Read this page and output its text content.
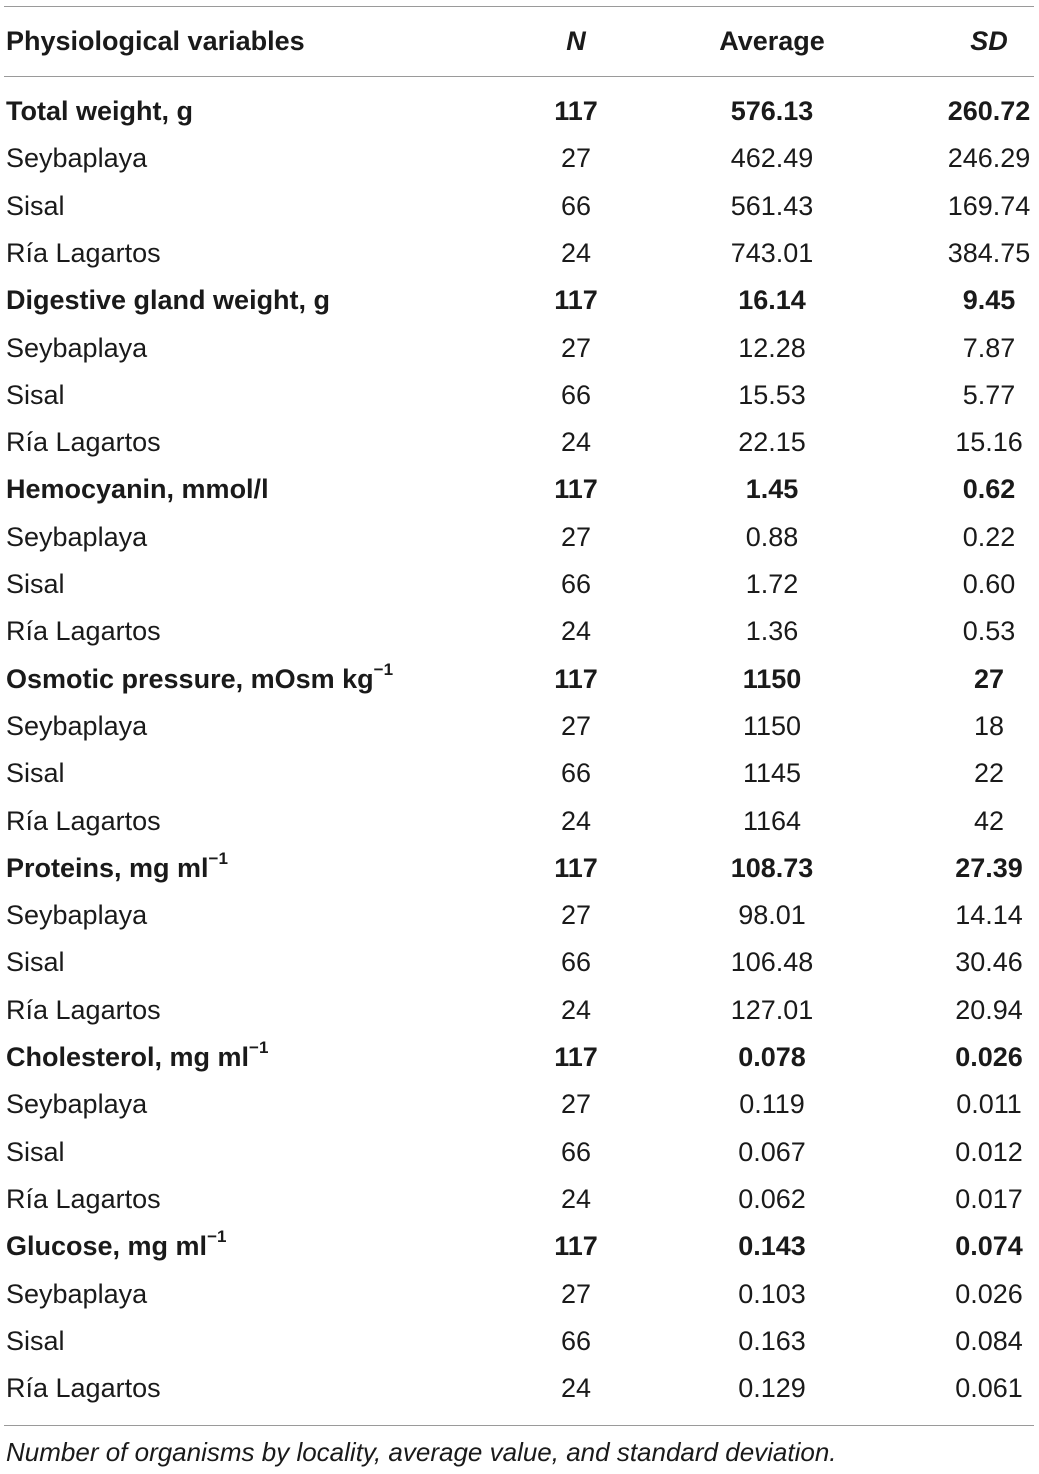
Physiological variables	N	Average	SD
Total weight, g	117	576.13	260.72
Seybaplaya	27	462.49	246.29
Sisal	66	561.43	169.74
Ría Lagartos	24	743.01	384.75
Digestive gland weight, g	117	16.14	9.45
Seybaplaya	27	12.28	7.87
Sisal	66	15.53	5.77
Ría Lagartos	24	22.15	15.16
Hemocyanin, mmol/l	117	1.45	0.62
Seybaplaya	27	0.88	0.22
Sisal	66	1.72	0.60
Ría Lagartos	24	1.36	0.53
Osmotic pressure, mOsm $kg^{-1}$	117	1150	27
Seybaplaya	27	1150	18
Sisal	66	1145	22
Ría Lagartos	24	1164	42
Proteins, mg $ml^{-1}$	117	108.73	27.39
Seybaplaya	27	98.01	14.14
Sisal	66	106.48	30.46
Ría Lagartos	24	127.01	20.94
Cholesterol, mg $ml^{-1}$	117	0.078	0.026
Seybaplaya	27	0.119	0.011
Sisal	66	0.067	0.012
Ría Lagartos	24	0.062	0.017
Glucose, mg $ml^{-1}$	117	0.143	0.074
Seybaplaya	27	0.103	0.026
Sisal	66	0.163	0.084
Ría Lagartos	24	0.129	0.061
Number of organisms by locality, average value, and standard deviation.
